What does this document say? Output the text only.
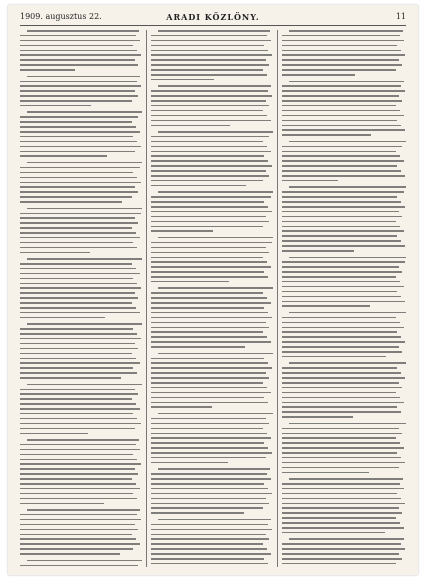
1909. augusztus 22.	ARADI KÖZLÖNY.	11
